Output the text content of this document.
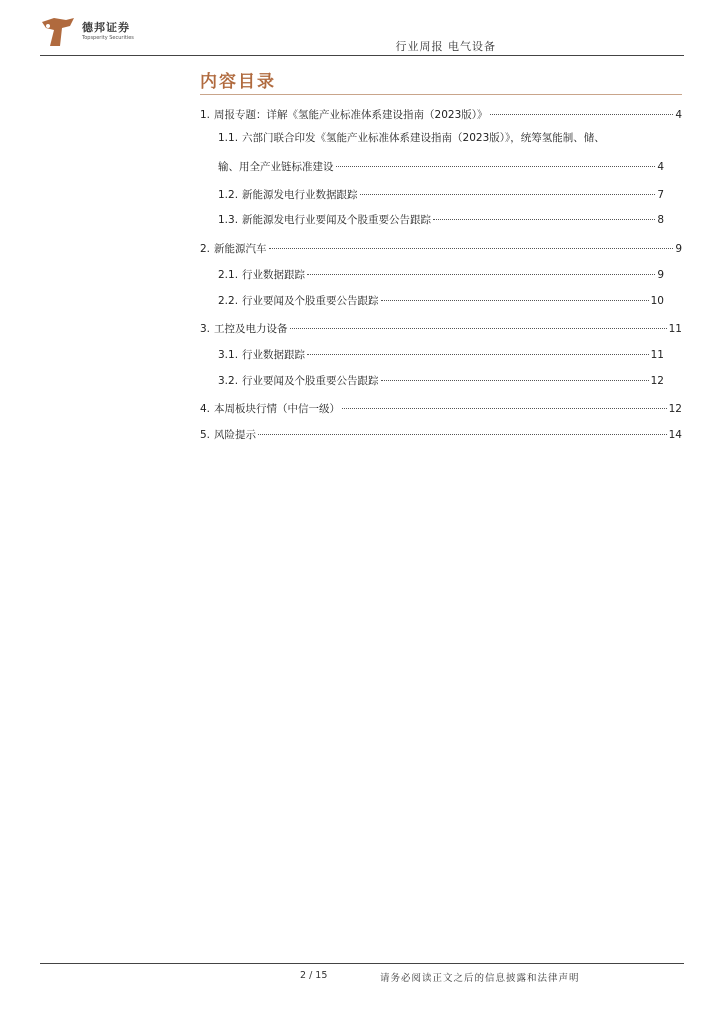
德邦证券
Topsperity Securities
行业周报 电气设备
内容目录
1. 周报专题：详解《氢能产业标准体系建设指南（2023版）》	4
1.1. 六部门联合印发《氢能产业标准体系建设指南（2023版）》，统筹氢能制、储、
输、用全产业链标准建设	4
1.2. 新能源发电行业数据跟踪	7
1.3. 新能源发电行业要闻及个股重要公告跟踪	8
2. 新能源汽车	9
2.1. 行业数据跟踪	9
2.2. 行业要闻及个股重要公告跟踪	10
3. 工控及电力设备	11
3.1. 行业数据跟踪	11
3.2. 行业要闻及个股重要公告跟踪	12
4. 本周板块行情（中信一级）	12
5. 风险提示	14
2 / 15	请务必阅读正文之后的信息披露和法律声明
